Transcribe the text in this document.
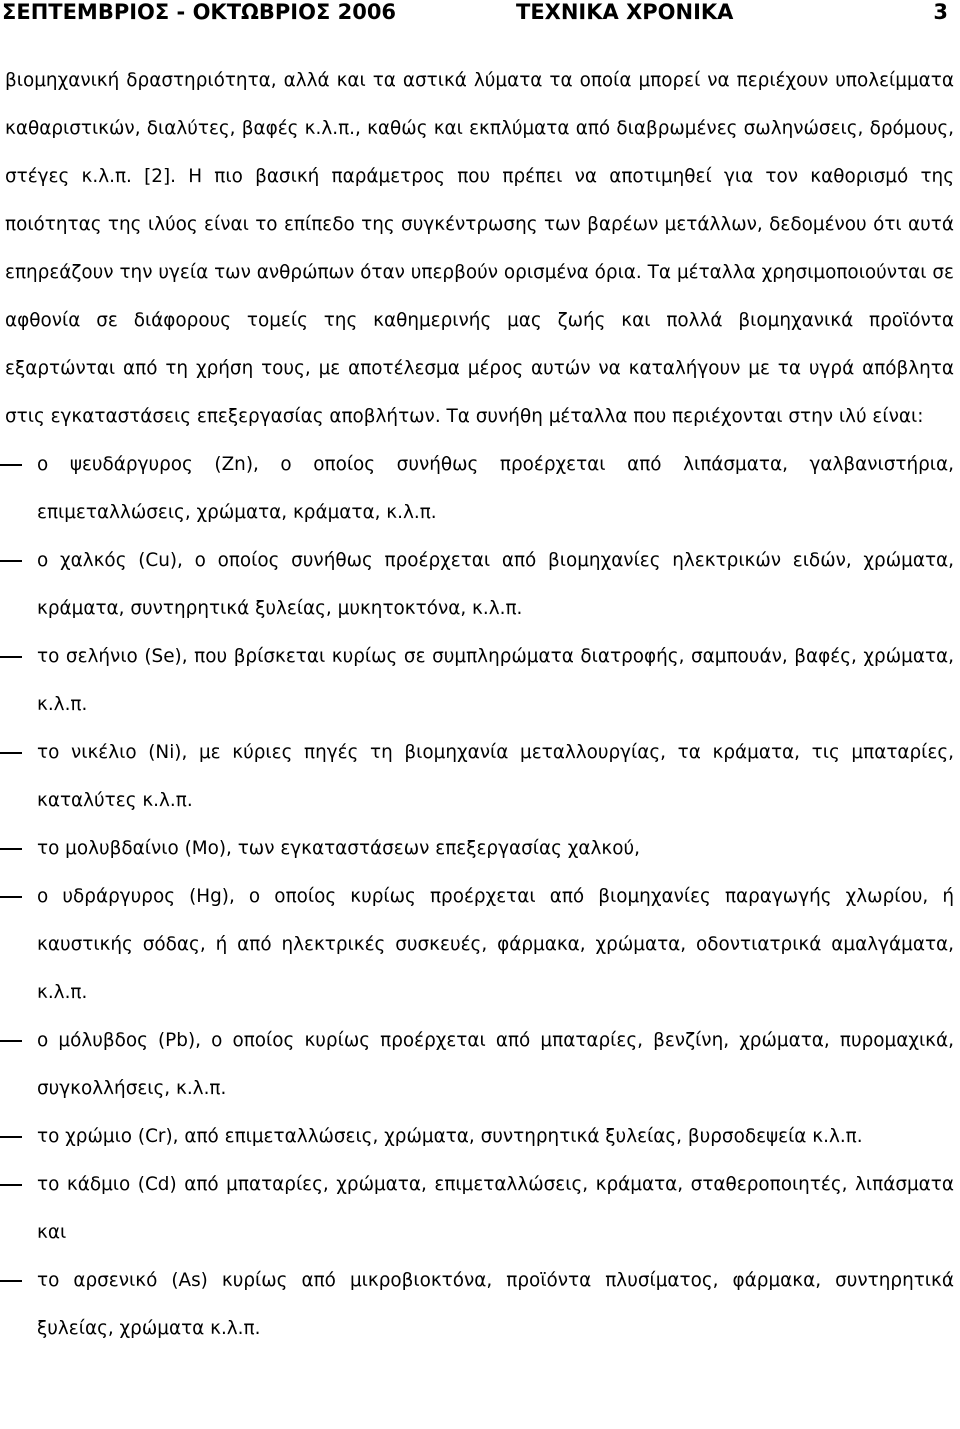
ΣΕΠΤΕΜΒΡΙΟΣ - ΟΚΤΩΒΡΙΟΣ 2006	ΤΕΧΝΙΚΑ ΧΡΟΝΙΚΑ	3

βιομηχανική δραστηριότητα, αλλά και τα αστικά λύματα τα οποία μπορεί να περιέχουν υπολείμματα καθαριστικών, διαλύτες, βαφές κ.λ.π., καθώς και εκπλύματα από διαβρωμένες σωληνώσεις, δρόμους, στέγες κ.λ.π. [2]. Η πιο βασική παράμετρος που πρέπει να αποτιμηθεί για τον καθορισμό της ποιότητας της ιλύος είναι το επίπεδο της συγκέντρωσης των βαρέων μετάλλων, δεδομένου ότι αυτά επηρεάζουν την υγεία των ανθρώπων όταν υπερβούν ορισμένα όρια. Τα μέταλλα χρησιμοποιούνται σε αφθονία σε διάφορους τομείς της καθημερινής μας ζωής και πολλά βιομηχανικά προϊόντα εξαρτώνται από τη χρήση τους, με αποτέλεσμα μέρος αυτών να καταλήγουν με τα υγρά απόβλητα στις εγκαταστάσεις επεξεργασίας αποβλήτων. Τα συνήθη μέταλλα που περιέχονται στην ιλύ είναι:

ο ψευδάργυρος (Zn), ο οποίος συνήθως προέρχεται από λιπάσματα, γαλβανιστήρια, επιμεταλλώσεις, χρώματα, κράματα, κ.λ.π.
ο χαλκός (Cu), ο οποίος συνήθως προέρχεται από βιομηχανίες ηλεκτρικών ειδών, χρώματα, κράματα, συντηρητικά ξυλείας, μυκητοκτόνα, κ.λ.π.
το σελήνιο (Se), που βρίσκεται κυρίως σε συμπληρώματα διατροφής, σαμπουάν, βαφές, χρώματα, κ.λ.π.
το νικέλιο (Ni), με κύριες πηγές τη βιομηχανία μεταλλουργίας, τα κράματα, τις μπαταρίες, καταλύτες κ.λ.π.
το μολυβδαίνιο (Mo), των εγκαταστάσεων επεξεργασίας χαλκού,
ο υδράργυρος (Hg), ο οποίος κυρίως προέρχεται από βιομηχανίες παραγωγής χλωρίου, ή καυστικής σόδας, ή από ηλεκτρικές συσκευές, φάρμακα, χρώματα, οδοντιατρικά αμαλγάματα, κ.λ.π.
ο μόλυβδος (Pb), ο οποίος κυρίως προέρχεται από μπαταρίες, βενζίνη, χρώματα, πυρομαχικά, συγκολλήσεις, κ.λ.π.
το χρώμιο (Cr), από επιμεταλλώσεις, χρώματα, συντηρητικά ξυλείας, βυρσοδεψεία κ.λ.π.
το κάδμιο (Cd) από μπαταρίες, χρώματα, επιμεταλλώσεις, κράματα, σταθεροποιητές, λιπάσματα και
το αρσενικό (As) κυρίως από μικροβιοκτόνα, προϊόντα πλυσίματος, φάρμακα, συντηρητικά ξυλείας, χρώματα κ.λ.π.
